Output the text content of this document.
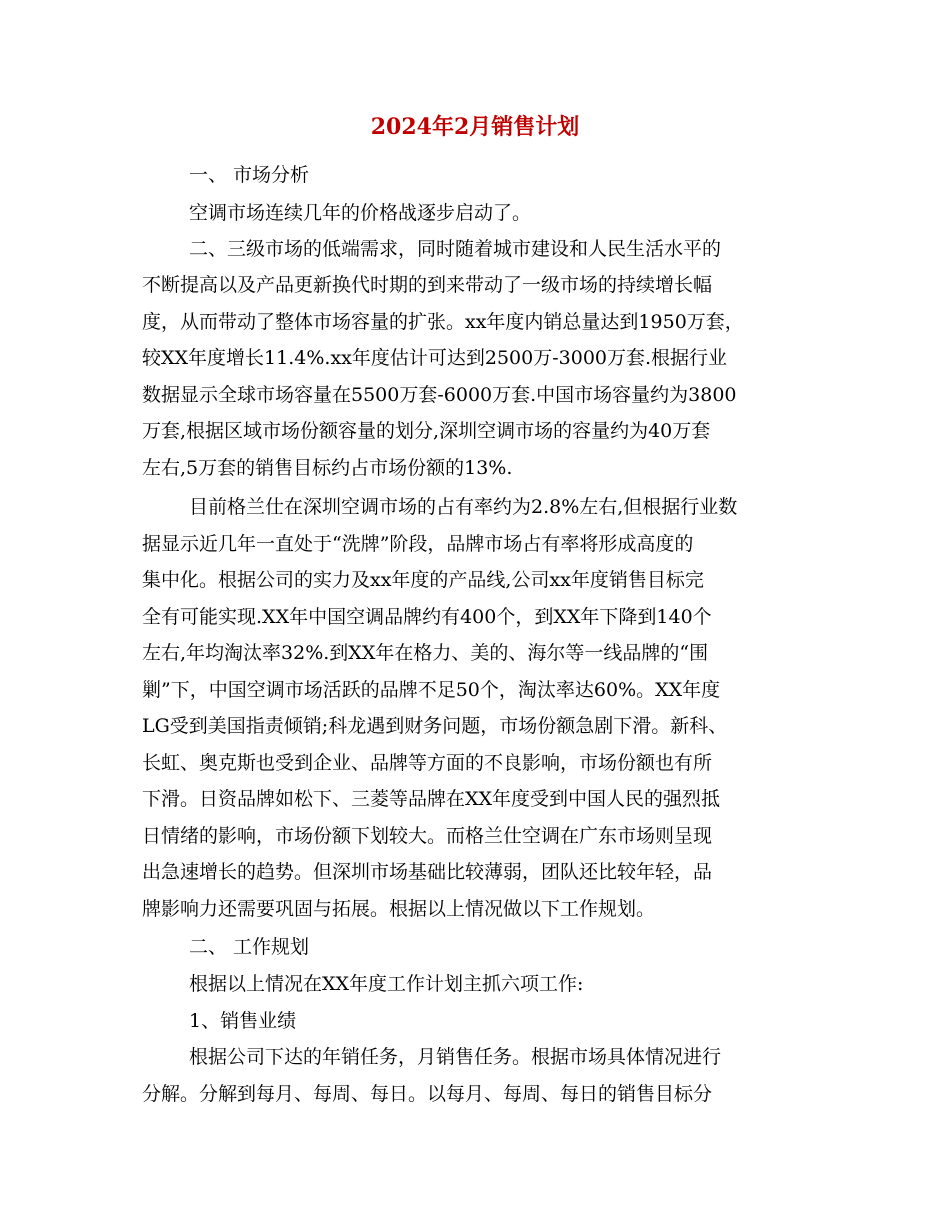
2024年2月销售计划
一、 市场分析
空调市场连续几年的价格战逐步启动了。
二、三级市场的低端需求，同时随着城市建设和人民生活水平的
不断提高以及产品更新换代时期的到来带动了一级市场的持续增长幅
度，从而带动了整体市场容量的扩张。xx年度内销总量达到1950万套，
较XX年度增长11.4%.xx年度估计可达到2500万-3000万套.根据行业
数据显示全球市场容量在5500万套-6000万套.中国市场容量约为3800
万套,根据区域市场份额容量的划分,深圳空调市场的容量约为40万套
左右,5万套的销售目标约占市场份额的13%.
目前格兰仕在深圳空调市场的占有率约为2.8%左右,但根据行业数
据显示近几年一直处于“洗牌”阶段，品牌市场占有率将形成高度的
集中化。根据公司的实力及xx年度的产品线,公司xx年度销售目标完
全有可能实现.XX年中国空调品牌约有400个，到XX年下降到140个
左右,年均淘汰率32%.到XX年在格力、美的、海尔等一线品牌的“围
剿”下，中国空调市场活跃的品牌不足50个，淘汰率达60%。XX年度
LG受到美国指责倾销;科龙遇到财务问题，市场份额急剧下滑。新科、
长虹、奥克斯也受到企业、品牌等方面的不良影响，市场份额也有所
下滑。日资品牌如松下、三菱等品牌在XX年度受到中国人民的强烈抵
日情绪的影响，市场份额下划较大。而格兰仕空调在广东市场则呈现
出急速增长的趋势。但深圳市场基础比较薄弱，团队还比较年轻，品
牌影响力还需要巩固与拓展。根据以上情况做以下工作规划。
二、 工作规划
根据以上情况在XX年度工作计划主抓六项工作:
1、销售业绩
根据公司下达的年销任务，月销售任务。根据市场具体情况进行
分解。分解到每月、每周、每日。以每月、每周、每日的销售目标分
